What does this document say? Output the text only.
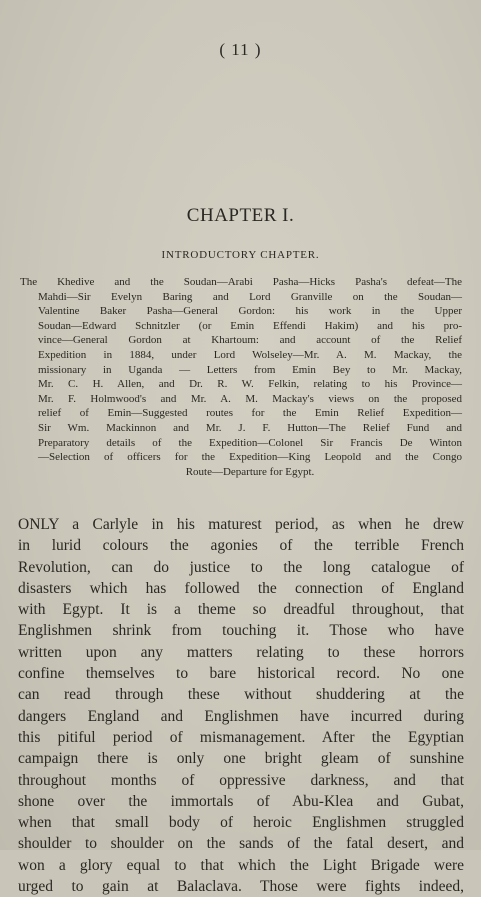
( 11 )
CHAPTER I.
INTRODUCTORY CHAPTER.
The Khedive and the Soudan—Arabi Pasha—Hicks Pasha's defeat—The
Mahdi—Sir Evelyn Baring and Lord Granville on the Soudan—
Valentine Baker Pasha—General Gordon: his work in the Upper
Soudan—Edward Schnitzler (or Emin Effendi Hakim) and his pro-
vince—General Gordon at Khartoum: and account of the Relief
Expedition in 1884, under Lord Wolseley—Mr. A. M. Mackay, the
missionary in Uganda — Letters from Emin Bey to Mr. Mackay,
Mr. C. H. Allen, and Dr. R. W. Felkin, relating to his Province—
Mr. F. Holmwood's and Mr. A. M. Mackay's views on the proposed
relief of Emin—Suggested routes for the Emin Relief Expedition—
Sir Wm. Mackinnon and Mr. J. F. Hutton—The Relief Fund and
Preparatory details of the Expedition—Colonel Sir Francis De Winton
—Selection of officers for the Expedition—King Leopold and the Congo
Route—Departure for Egypt.
ONLY a Carlyle in his maturest period, as when he drew
in lurid colours the agonies of the terrible French
Revolution, can do justice to the long catalogue of
disasters which has followed the connection of England
with Egypt. It is a theme so dreadful throughout, that
Englishmen shrink from touching it. Those who have
written upon any matters relating to these horrors
confine themselves to bare historical record. No one
can read through these without shuddering at the
dangers England and Englishmen have incurred during
this pitiful period of mismanagement. After the Egyptian
campaign there is only one bright gleam of sunshine
throughout months of oppressive darkness, and that
shone over the immortals of Abu-Klea and Gubat,
when that small body of heroic Englishmen struggled
shoulder to shoulder on the sands of the fatal desert, and
won a glory equal to that which the Light Brigade were
urged to gain at Balaclava. Those were fights indeed,
